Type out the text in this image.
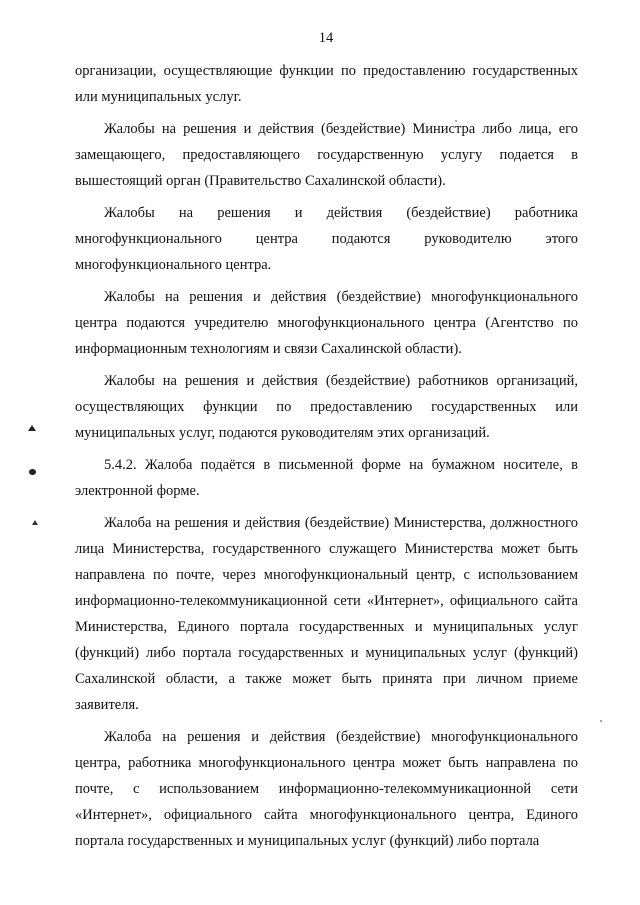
14

организации, осуществляющие функции по предоставлению государственных или муниципальных услуг.

Жалобы на решения и действия (бездействие) Министра либо лица, его замещающего, предоставляющего государственную услугу подается в вышестоящий орган (Правительство Сахалинской области).

Жалобы на решения и действия (бездействие) работника многофункционального центра подаются руководителю этого многофункционального центра.

Жалобы на решения и действия (бездействие) многофункционального центра подаются учредителю многофункционального центра (Агентство по информационным технологиям и связи Сахалинской области).

Жалобы на решения и действия (бездействие) работников организаций, осуществляющих функции по предоставлению государственных или муниципальных услуг, подаются руководителям этих организаций.

5.4.2. Жалоба подаётся в письменной форме на бумажном носителе, в электронной форме.

Жалоба на решения и действия (бездействие) Министерства, должностного лица Министерства, государственного служащего Министерства может быть направлена по почте, через многофункциональный центр, с использованием информационно-телекоммуникационной сети «Интернет», официального сайта Министерства, Единого портала государственных и муниципальных услуг (функций) либо портала государственных и муниципальных услуг (функций) Сахалинской области, а также может быть принята при личном приеме заявителя.

Жалоба на решения и действия (бездействие) многофункционального центра, работника многофункционального центра может быть направлена по почте, с использованием информационно-телекоммуникационной сети «Интернет», официального сайта многофункционального центра, Единого портала государственных и муниципальных услуг (функций) либо портала
